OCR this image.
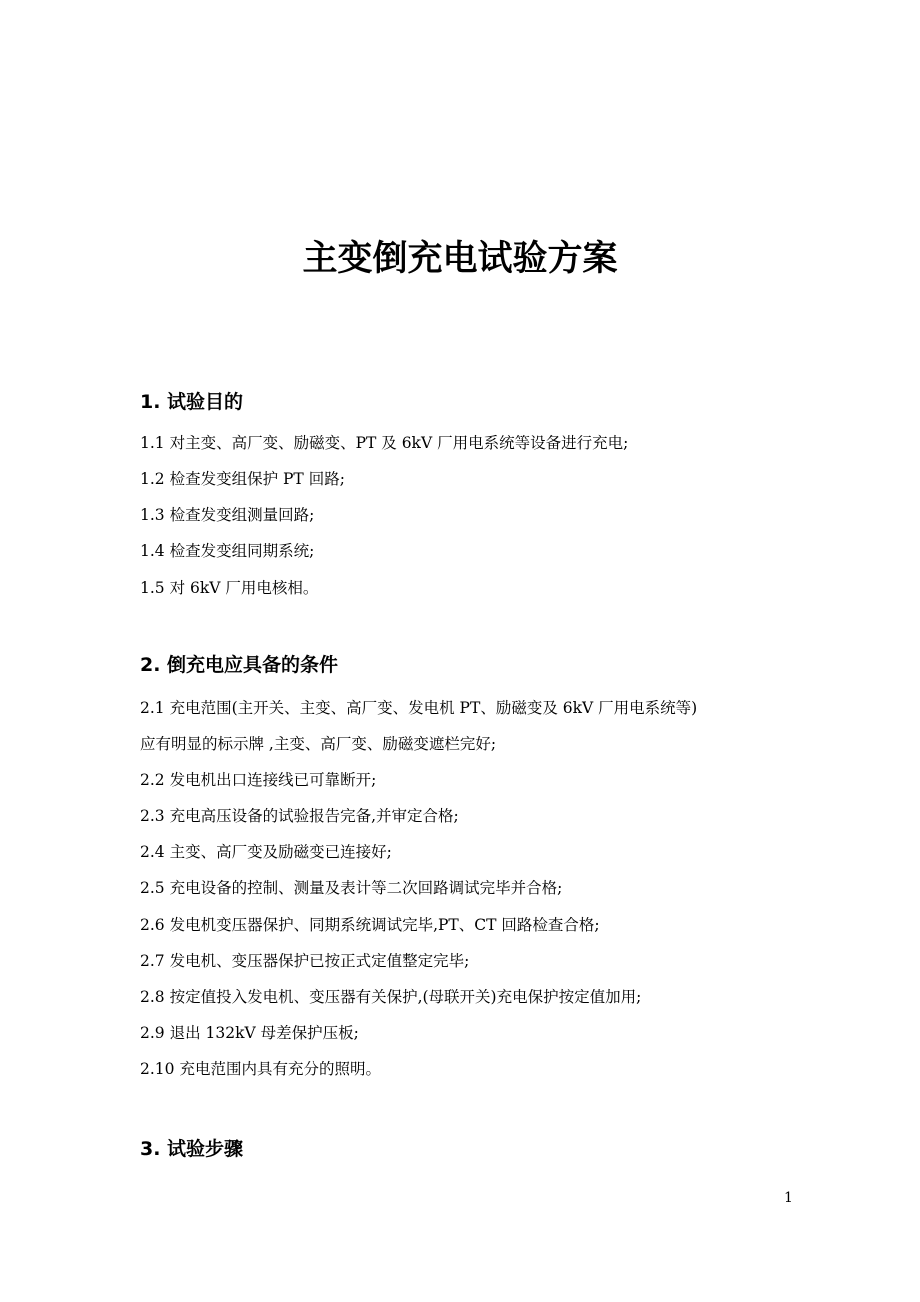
主变倒充电试验方案
1. 试验目的

1.1 对主变、高厂变、励磁变、PT 及 6kV 厂用电系统等设备进行充电;

1.2 检查发变组保护 PT 回路;

1.3 检查发变组测量回路;

1.4 检查发变组同期系统;

1.5 对 6kV 厂用电核相。

2. 倒充电应具备的条件

2.1 充电范围(主开关、主变、高厂变、发电机 PT、励磁变及 6kV 厂用电系统等)

应有明显的标示牌 ,主变、高厂变、励磁变遮栏完好;

2.2 发电机出口连接线已可靠断开;

2.3 充电高压设备的试验报告完备,并审定合格;

2.4 主变、高厂变及励磁变已连接好;

2.5 充电设备的控制、测量及表计等二次回路调试完毕并合格;

2.6 发电机变压器保护、同期系统调试完毕,PT、CT 回路检查合格;

2.7 发电机、变压器保护已按正式定值整定完毕;

2.8 按定值投入发电机、变压器有关保护,(母联开关)充电保护按定值加用;

2.9 退出 132kV 母差保护压板;

2.10 充电范围内具有充分的照明。

3. 试验步骤
1
